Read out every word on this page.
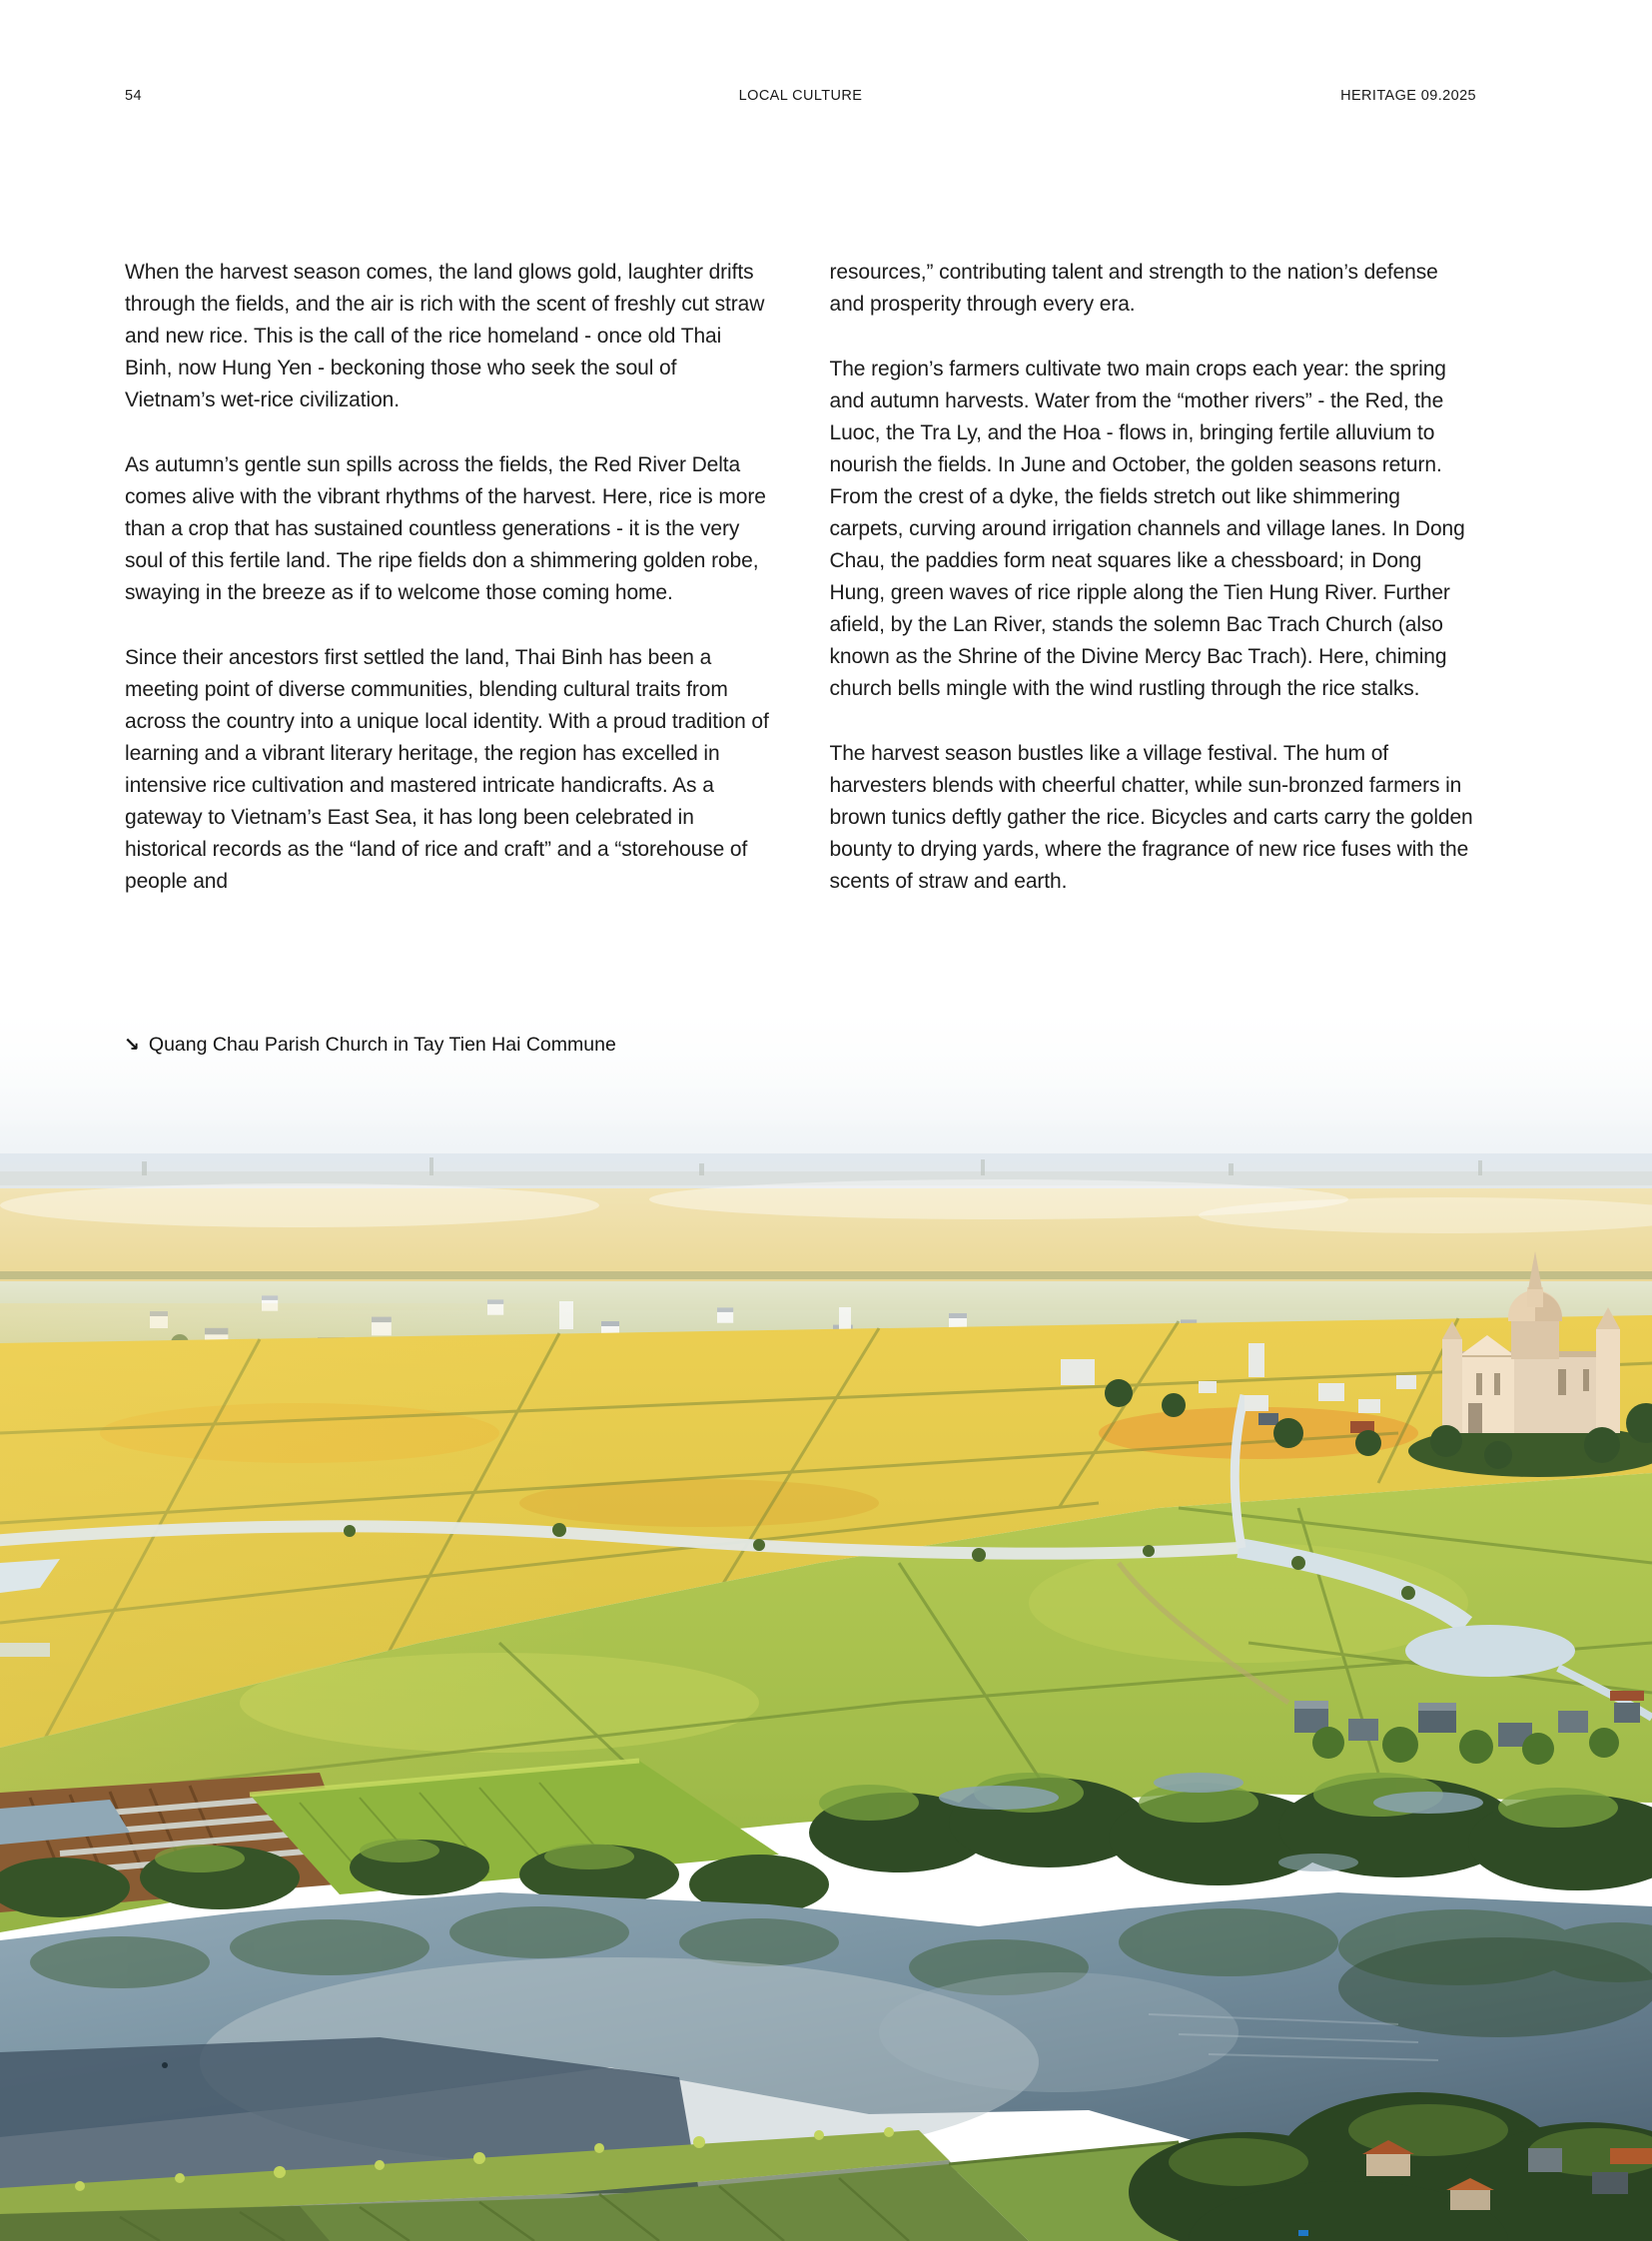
54	LOCAL CULTURE	HERITAGE 09.2025

When the harvest season comes, the land glows gold, laughter drifts through the fields, and the air is rich with the scent of freshly cut straw and new rice. This is the call of the rice homeland - once old Thai Binh, now Hung Yen - beckoning those who seek the soul of Vietnam’s wet-rice civilization.

As autumn’s gentle sun spills across the fields, the Red River Delta comes alive with the vibrant rhythms of the harvest. Here, rice is more than a crop that has sustained countless generations - it is the very soul of this fertile land. The ripe fields don a shimmering golden robe, swaying in the breeze as if to welcome those coming home.

Since their ancestors first settled the land, Thai Binh has been a meeting point of diverse communities, blending cultural traits from across the country into a unique local identity. With a proud tradition of learning and a vibrant literary heritage, the region has excelled in intensive rice cultivation and mastered intricate handicrafts. As a gateway to Vietnam’s East Sea, it has long been celebrated in historical records as the “land of rice and craft” and a “storehouse of people and

resources,” contributing talent and strength to the nation’s defense and prosperity through every era.

The region’s farmers cultivate two main crops each year: the spring and autumn harvests. Water from the “mother rivers” - the Red, the Luoc, the Tra Ly, and the Hoa - flows in, bringing fertile alluvium to nourish the fields. In June and October, the golden seasons return. From the crest of a dyke, the fields stretch out like shimmering carpets, curving around irrigation channels and village lanes. In Dong Chau, the paddies form neat squares like a chessboard; in Dong Hung, green waves of rice ripple along the Tien Hung River. Further afield, by the Lan River, stands the solemn Bac Trach Church (also known as the Shrine of the Divine Mercy Bac Trach). Here, chiming church bells mingle with the wind rustling through the rice stalks.

The harvest season bustles like a village festival. The hum of harvesters blends with cheerful chatter, while sun-bronzed farmers in brown tunics deftly gather the rice. Bicycles and carts carry the golden bounty to drying yards, where the fragrance of new rice fuses with the scents of straw and earth.

↘ Quang Chau Parish Church in Tay Tien Hai Commune
